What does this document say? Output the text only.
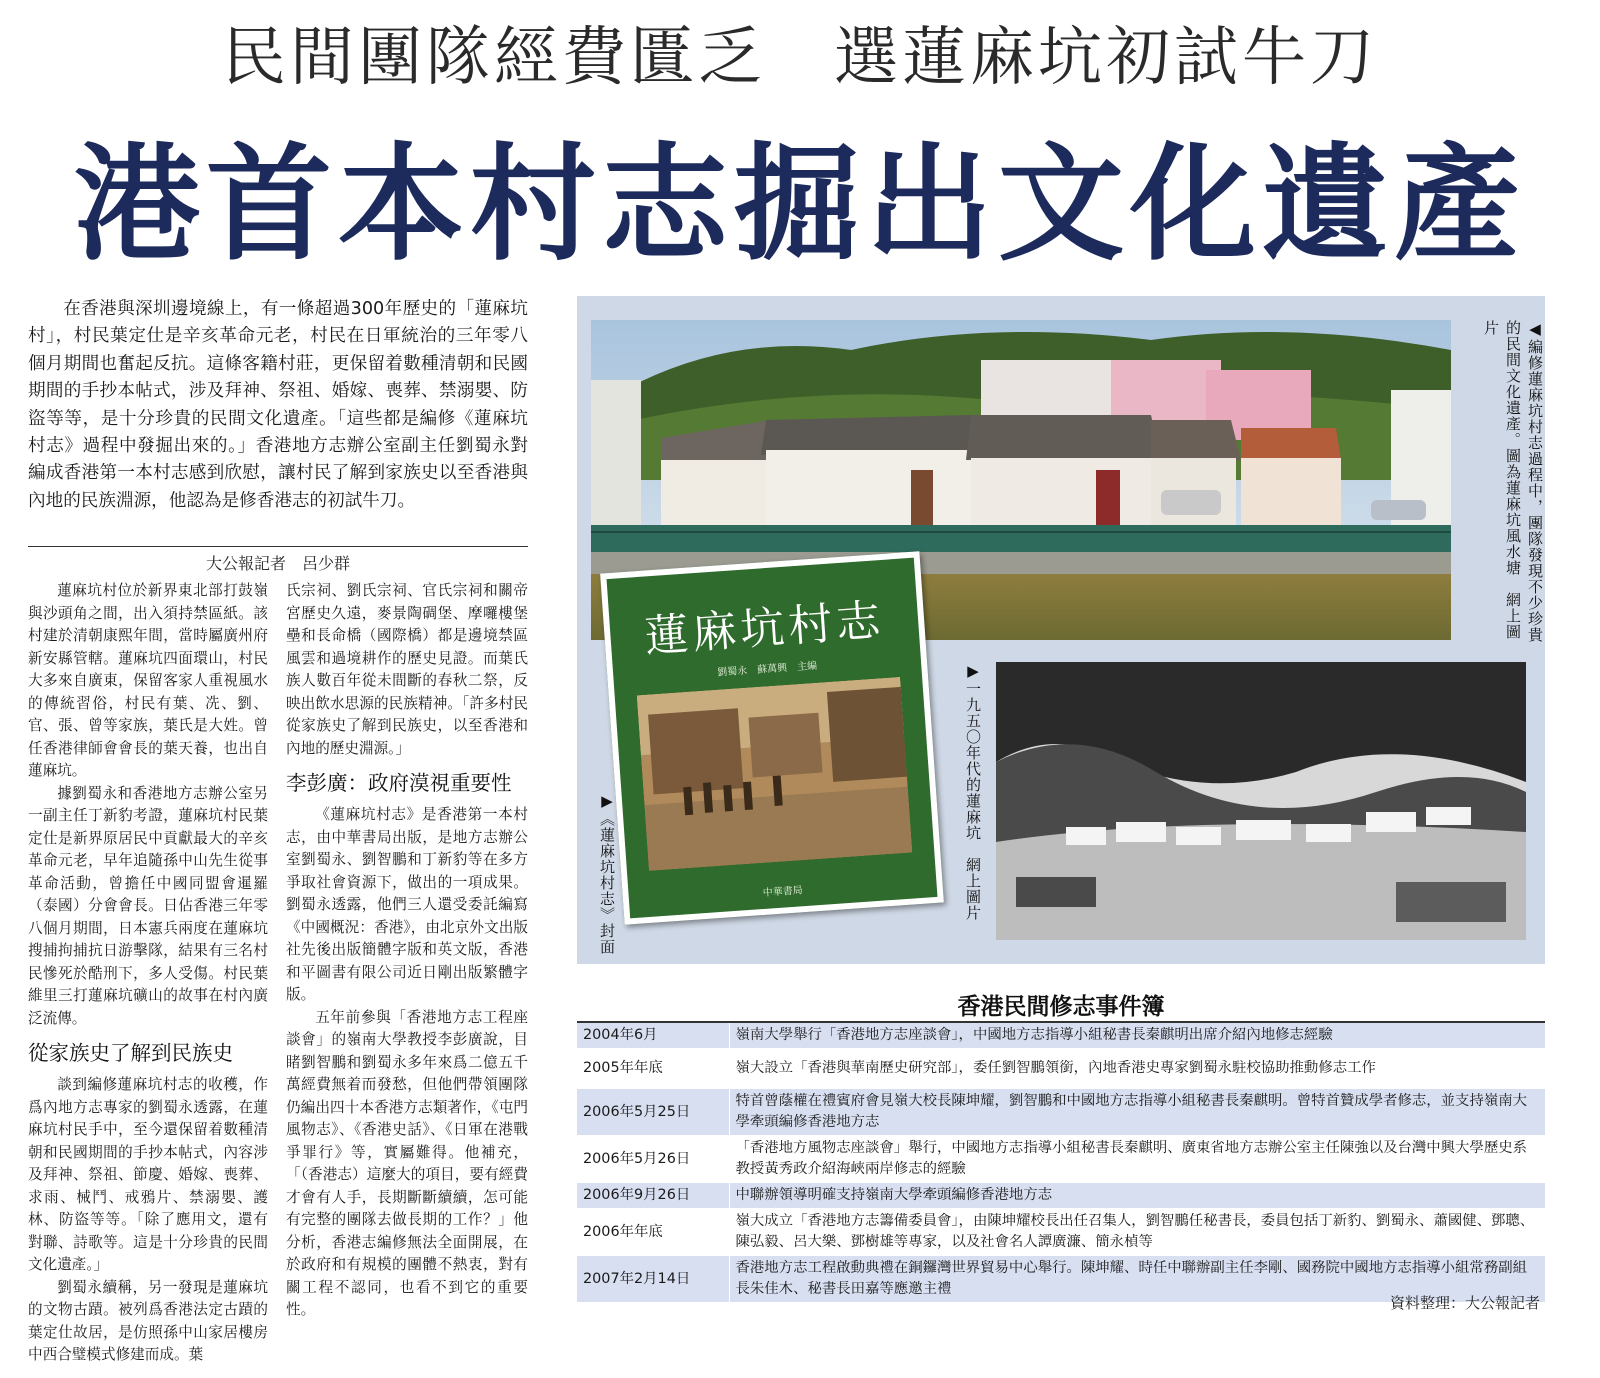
民間團隊經費匱乏　選蓮麻坑初試牛刀
港首本村志掘出文化遺產

在香港與深圳邊境線上，有一條超過300年歷史的「蓮麻坑村」，村民葉定仕是辛亥革命元老，村民在日軍統治的三年零八個月期間也奮起反抗。這條客籍村莊，更保留着數種清朝和民國期間的手抄本帖式，涉及拜神、祭祖、婚嫁、喪葬、禁溺嬰、防盜等等，是十分珍貴的民間文化遺產。「這些都是編修《蓮麻坑村志》過程中發掘出來的。」香港地方志辦公室副主任劉蜀永對編成香港第一本村志感到欣慰，讓村民了解到家族史以至香港與內地的民族淵源，他認為是修香港志的初試牛刀。

大公報記者　呂少群

蓮麻坑村位於新界東北部打鼓嶺與沙頭角之間，出入須持禁區紙。該村建於清朝康熙年間，當時屬廣州府新安縣管轄。蓮麻坑四面環山，村民大多來自廣東，保留客家人重視風水的傳統習俗，村民有葉、冼、劉、官、張、曾等家族，葉氏是大姓。曾任香港律師會會長的葉天養，也出自蓮麻坑。

據劉蜀永和香港地方志辦公室另一副主任丁新豹考證，蓮麻坑村民葉定仕是新界原居民中貢獻最大的辛亥革命元老，早年追隨孫中山先生從事革命活動，曾擔任中國同盟會暹羅（泰國）分會會長。日佔香港三年零八個月期間，日本憲兵兩度在蓮麻坑搜捕拘捕抗日游擊隊，結果有三名村民慘死於酷刑下，多人受傷。村民葉維里三打蓮麻坑礦山的故事在村內廣泛流傳。

從家族史了解到民族史

談到編修蓮麻坑村志的收穫，作爲內地方志專家的劉蜀永透露，在蓮麻坑村民手中，至今還保留着數種清朝和民國期間的手抄本帖式，內容涉及拜神、祭祖、節慶、婚嫁、喪葬、求雨、械鬥、戒鴉片、禁溺嬰、護林、防盜等等。「除了應用文，還有對聯、詩歌等。這是十分珍貴的民間文化遺產。」

劉蜀永續稱，另一發現是蓮麻坑的文物古蹟。被列爲香港法定古蹟的葉定仕故居，是仿照孫中山家居樓房中西合璧模式修建而成。葉

氏宗祠、劉氏宗祠、官氏宗祠和關帝宮歷史久遠，麥景陶碉堡、摩囉樓堡壘和長命橋（國際橋）都是邊境禁區風雲和過境耕作的歷史見證。而葉氏族人數百年從未間斷的春秋二祭，反映出飲水思源的民族精神。「許多村民從家族史了解到民族史，以至香港和內地的歷史淵源。」

李彭廣：政府漠視重要性

《蓮麻坑村志》是香港第一本村志，由中華書局出版，是地方志辦公室劉蜀永、劉智鵬和丁新豹等在多方爭取社會資源下，做出的一項成果。劉蜀永透露，他們三人還受委託編寫《中國概況：香港》，由北京外文出版社先後出版簡體字版和英文版，香港和平圖書有限公司近日剛出版繁體字版。

五年前參與「香港地方志工程座談會」的嶺南大學教授李彭廣說，目睹劉智鵬和劉蜀永多年來爲二億五千萬經費無着而發愁，但他們帶領團隊仍編出四十本香港方志類著作，《屯門風物志》、《香港史話》、《日軍在港戰爭罪行》等，實屬難得。他補充，「（香港志）這麼大的項目，要有經費才會有人手，長期斷斷續續，怎可能有完整的團隊去做長期的工作？」他分析，香港志編修無法全面開展，在於政府和有規模的團體不熱衷，對有關工程不認同，也看不到它的重要性。

◀編修蓮麻坑村志過程中，團隊發現不少珍貴的民間文化遺產。圖為蓮麻坑風水塘　網上圖片
▶一九五〇年代的蓮麻坑　網上圖片
蓮麻坑村志
劉蜀永　蘇萬興　主編
中華書局
▶《蓮麻坑村志》封面
香港民間修志事件簿
2004年6月	嶺南大學舉行「香港地方志座談會」，中國地方志指導小組秘書長秦麒明出席介紹內地修志經驗
2005年年底	嶺大設立「香港與華南歷史研究部」，委任劉智鵬領銜，內地香港史專家劉蜀永駐校協助推動修志工作
2006年5月25日	特首曾蔭權在禮賓府會見嶺大校長陳坤耀，劉智鵬和中國地方志指導小組秘書長秦麒明。曾特首贊成學者修志，並支持嶺南大學牽頭編修香港地方志
2006年5月26日	「香港地方風物志座談會」舉行，中國地方志指導小組秘書長秦麒明、廣東省地方志辦公室主任陳強以及台灣中興大學歷史系教授黃秀政介紹海峽兩岸修志的經驗
2006年9月26日	中聯辦領導明確支持嶺南大學牽頭編修香港地方志
2006年年底	嶺大成立「香港地方志籌備委員會」，由陳坤耀校長出任召集人，劉智鵬任秘書長，委員包括丁新豹、劉蜀永、蕭國健、鄧聰、陳弘毅、呂大樂、鄧樹雄等專家，以及社會名人譚廣濂、簡永楨等
2007年2月14日	香港地方志工程啟動典禮在銅鑼灣世界貿易中心舉行。陳坤耀、時任中聯辦副主任李剛、國務院中國地方志指導小組常務副組長朱佳木、秘書長田嘉等應邀主禮
資料整理：大公報記者
